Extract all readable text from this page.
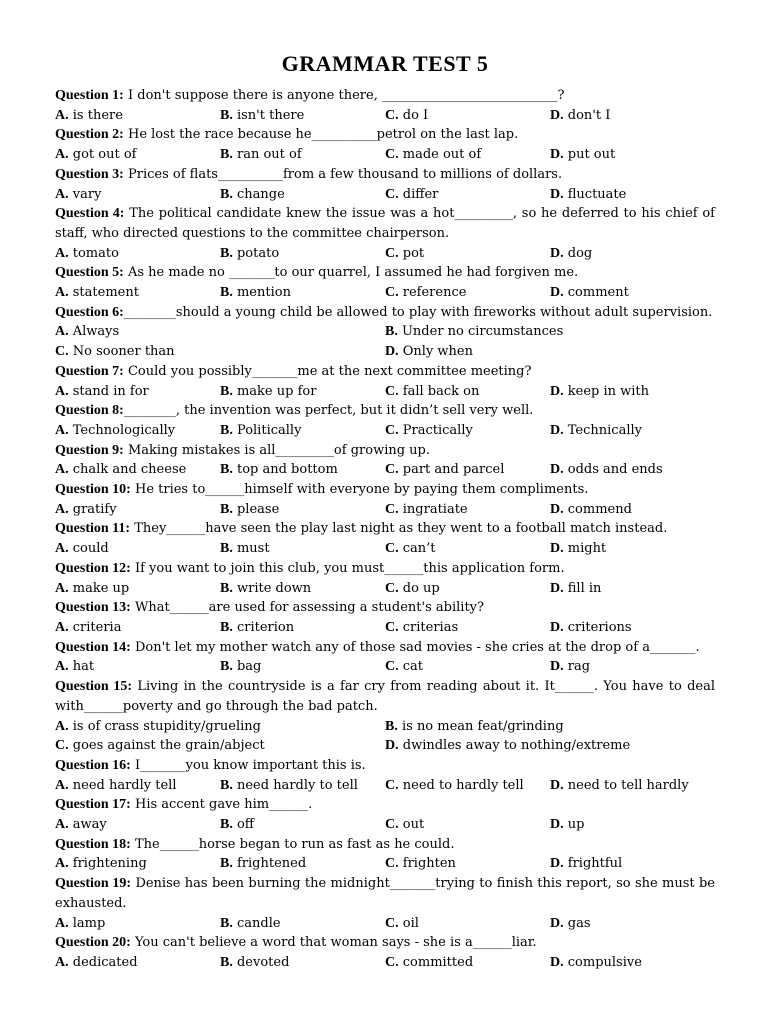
GRAMMAR TEST 5
Question 1: I don't suppose there is anyone there, ___________________________?
A. is there	B. isn't there	C. do I	D. don't I
Question 2: He lost the race because he__________petrol on the last lap.
A. got out of	B. ran out of	C. made out of	D. put out
Question 3: Prices of flats__________from a few thousand to millions of dollars.
A. vary	B. change	C. differ	D. fluctuate
Question 4: The political candidate knew the issue was a hot_________, so he deferred to his chief of staff, who directed questions to the committee chairperson.
A. tomato	B. potato	C. pot	D. dog
Question 5: As he made no _______to our quarrel, I assumed he had forgiven me.
A. statement	B. mention	C. reference	D. comment
Question 6:________should a young child be allowed to play with fireworks without adult supervision.
A. Always	B. Under no circumstances
C. No sooner than	D. Only when
Question 7: Could you possibly_______me at the next committee meeting?
A. stand in for	B. make up for	C. fall back on	D. keep in with
Question 8:________, the invention was perfect, but it didn’t sell very well.
A. Technologically	B. Politically	C. Practically	D. Technically
Question 9: Making mistakes is all_________of growing up.
A. chalk and cheese	B. top and bottom	C. part and parcel	D. odds and ends
Question 10: He tries to______himself with everyone by paying them compliments.
A. gratify	B. please	C. ingratiate	D. commend
Question 11: They______have seen the play last night as they went to a football match instead.
A. could	B. must	C. can’t	D. might
Question 12: If you want to join this club, you must______this application form.
A. make up	B. write down	C. do up	D. fill in
Question 13: What______are used for assessing a student's ability?
A. criteria	B. criterion	C. criterias	D. criterions
Question 14: Don't let my mother watch any of those sad movies - she cries at the drop of a_______.
A. hat	B. bag	C. cat	D. rag
Question 15: Living in the countryside is a far cry from reading about it. It______. You have to deal with______poverty and go through the bad patch.
A. is of crass stupidity/grueling	B. is no mean feat/grinding
C. goes against the grain/abject	D. dwindles away to nothing/extreme
Question 16: I_______you know important this is.
A. need hardly tell	B. need hardly to tell	C. need to hardly tell	D. need to tell hardly
Question 17: His accent gave him______.
A. away	B. off	C. out	D. up
Question 18: The______horse began to run as fast as he could.
A. frightening	B. frightened	C. frighten	D. frightful
Question 19: Denise has been burning the midnight_______trying to finish this report, so she must be exhausted.
A. lamp	B. candle	C. oil	D. gas
Question 20: You can't believe a word that woman says - she is a______liar.
A. dedicated	B. devoted	C. committed	D. compulsive
